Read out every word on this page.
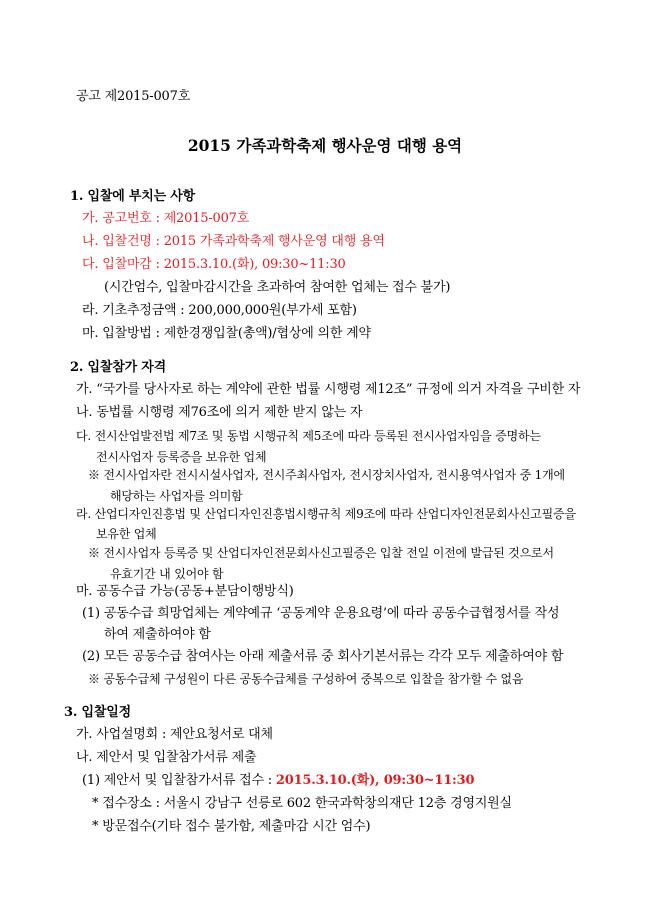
공고 제2015-007호
2015 가족과학축제 행사운영 대행 용역
1. 입찰에 부치는 사항
가. 공고번호 : 제2015-007호
나. 입찰건명 : 2015 가족과학축제 행사운영 대행 용역
다. 입찰마감 : 2015.3.10.(화), 09:30~11:30
(시간엄수, 입찰마감시간을 초과하여 참여한 업체는 접수 불가)
라. 기초추정금액 : 200,000,000원(부가세 포함)
마. 입찰방법 : 제한경쟁입찰(총액)/협상에 의한 계약
2. 입찰참가 자격
가. “국가를 당사자로 하는 계약에 관한 법률 시행령 제12조” 규정에 의거 자격을 구비한 자
나. 동법률 시행령 제76조에 의거 제한 받지 않는 자
다. 전시산업발전법 제7조 및 동법 시행규칙 제5조에 따라 등록된 전시사업자임을 증명하는
전시사업자 등록증을 보유한 업체
※ 전시사업자란 전시시설사업자, 전시주최사업자, 전시장치사업자, 전시용역사업자 중 1개에
해당하는 사업자를 의미함
라. 산업디자인진흥법 및 산업디자인진흥법시행규칙 제9조에 따라 산업디자인전문회사신고필증을
보유한 업체
※ 전시사업자 등록증 및 산업디자인전문회사신고필증은 입찰 전일 이전에 발급된 것으로서
유효기간 내 있어야 함
마. 공동수급 가능(공동+분담이행방식)
(1) 공동수급 희망업체는 계약예규 ‘공동계약 운용요령’에 따라 공동수급협정서를 작성
하여 제출하여야 함
(2) 모든 공동수급 참여사는 아래 제출서류 중 회사기본서류는 각각 모두 제출하여야 함
※ 공동수급체 구성원이 다른 공동수급체를 구성하여 중복으로 입찰을 참가할 수 없음
3. 입찰일정
가. 사업설명회 : 제안요청서로 대체
나. 제안서 및 입찰참가서류 제출
(1) 제안서 및 입찰참가서류 접수 : 2015.3.10.(화), 09:30~11:30
* 접수장소 : 서울시 강남구 선릉로 602 한국과학창의재단 12층 경영지원실
* 방문접수(기타 접수 불가함, 제출마감 시간 엄수)
